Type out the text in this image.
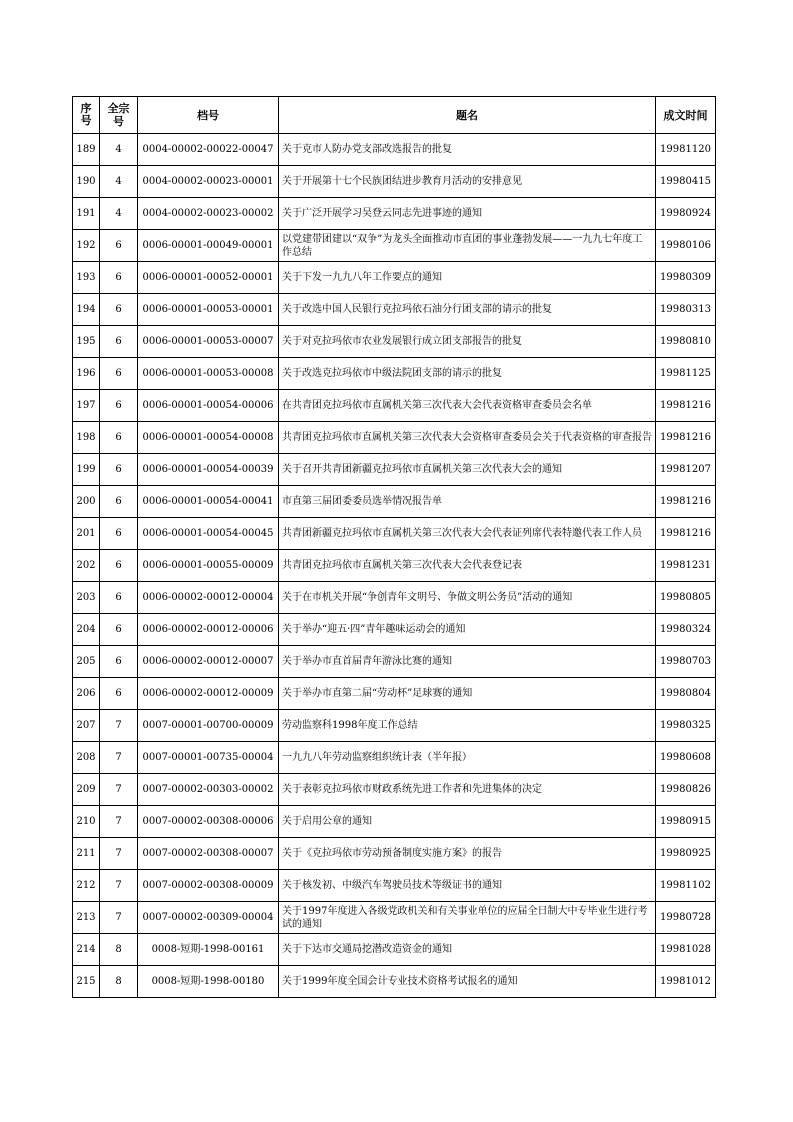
序号	全宗号	档号	题名	成文时间
189	4	0004-00002-00022-00047	关于克市人防办党支部改选报告的批复	19981120
190	4	0004-00002-00023-00001	关于开展第十七个民族团结进步教育月活动的安排意见	19980415
191	4	0004-00002-00023-00002	关于广泛开展学习吴登云同志先进事迹的通知	19980924
192	6	0006-00001-00049-00001	以党建带团建以“双争”为龙头全面推动市直团的事业蓬勃发展——一九九七年度工作总结	19980106
193	6	0006-00001-00052-00001	关于下发一九九八年工作要点的通知	19980309
194	6	0006-00001-00053-00001	关于改选中国人民银行克拉玛依石油分行团支部的请示的批复	19980313
195	6	0006-00001-00053-00007	关于对克拉玛依市农业发展银行成立团支部报告的批复	19980810
196	6	0006-00001-00053-00008	关于改选克拉玛依市中级法院团支部的请示的批复	19981125
197	6	0006-00001-00054-00006	在共青团克拉玛依市直属机关第三次代表大会代表资格审查委员会名单	19981216
198	6	0006-00001-00054-00008	共青团克拉玛依市直属机关第三次代表大会资格审查委员会关于代表资格的审查报告	19981216
199	6	0006-00001-00054-00039	关于召开共青团新疆克拉玛依市直属机关第三次代表大会的通知	19981207
200	6	0006-00001-00054-00041	市直第三届团委委员选举情况报告单	19981216
201	6	0006-00001-00054-00045	共青团新疆克拉玛依市直属机关第三次代表大会代表证列席代表特邀代表工作人员	19981216
202	6	0006-00001-00055-00009	共青团克拉玛依市直属机关第三次代表大会代表登记表	19981231
203	6	0006-00002-00012-00004	关于在市机关开展“争创青年文明号、争做文明公务员”活动的通知	19980805
204	6	0006-00002-00012-00006	关于举办“迎五·四”青年趣味运动会的通知	19980324
205	6	0006-00002-00012-00007	关于举办市直首届青年游泳比赛的通知	19980703
206	6	0006-00002-00012-00009	关于举办市直第二届“劳动杯”足球赛的通知	19980804
207	7	0007-00001-00700-00009	劳动监察科1998年度工作总结	19980325
208	7	0007-00001-00735-00004	一九九八年劳动监察组织统计表（半年报）	19980608
209	7	0007-00002-00303-00002	关于表彰克拉玛依市财政系统先进工作者和先进集体的决定	19980826
210	7	0007-00002-00308-00006	关于启用公章的通知	19980915
211	7	0007-00002-00308-00007	关于《克拉玛依市劳动预备制度实施方案》的报告	19980925
212	7	0007-00002-00308-00009	关于核发初、中级汽车驾驶员技术等级证书的通知	19981102
213	7	0007-00002-00309-00004	关于1997年度进入各级党政机关和有关事业单位的应届全日制大中专毕业生进行考试的通知	19980728
214	8	0008-短期-1998-00161	关于下达市交通局挖潜改造资金的通知	19981028
215	8	0008-短期-1998-00180	关于1999年度全国会计专业技术资格考试报名的通知	19981012
